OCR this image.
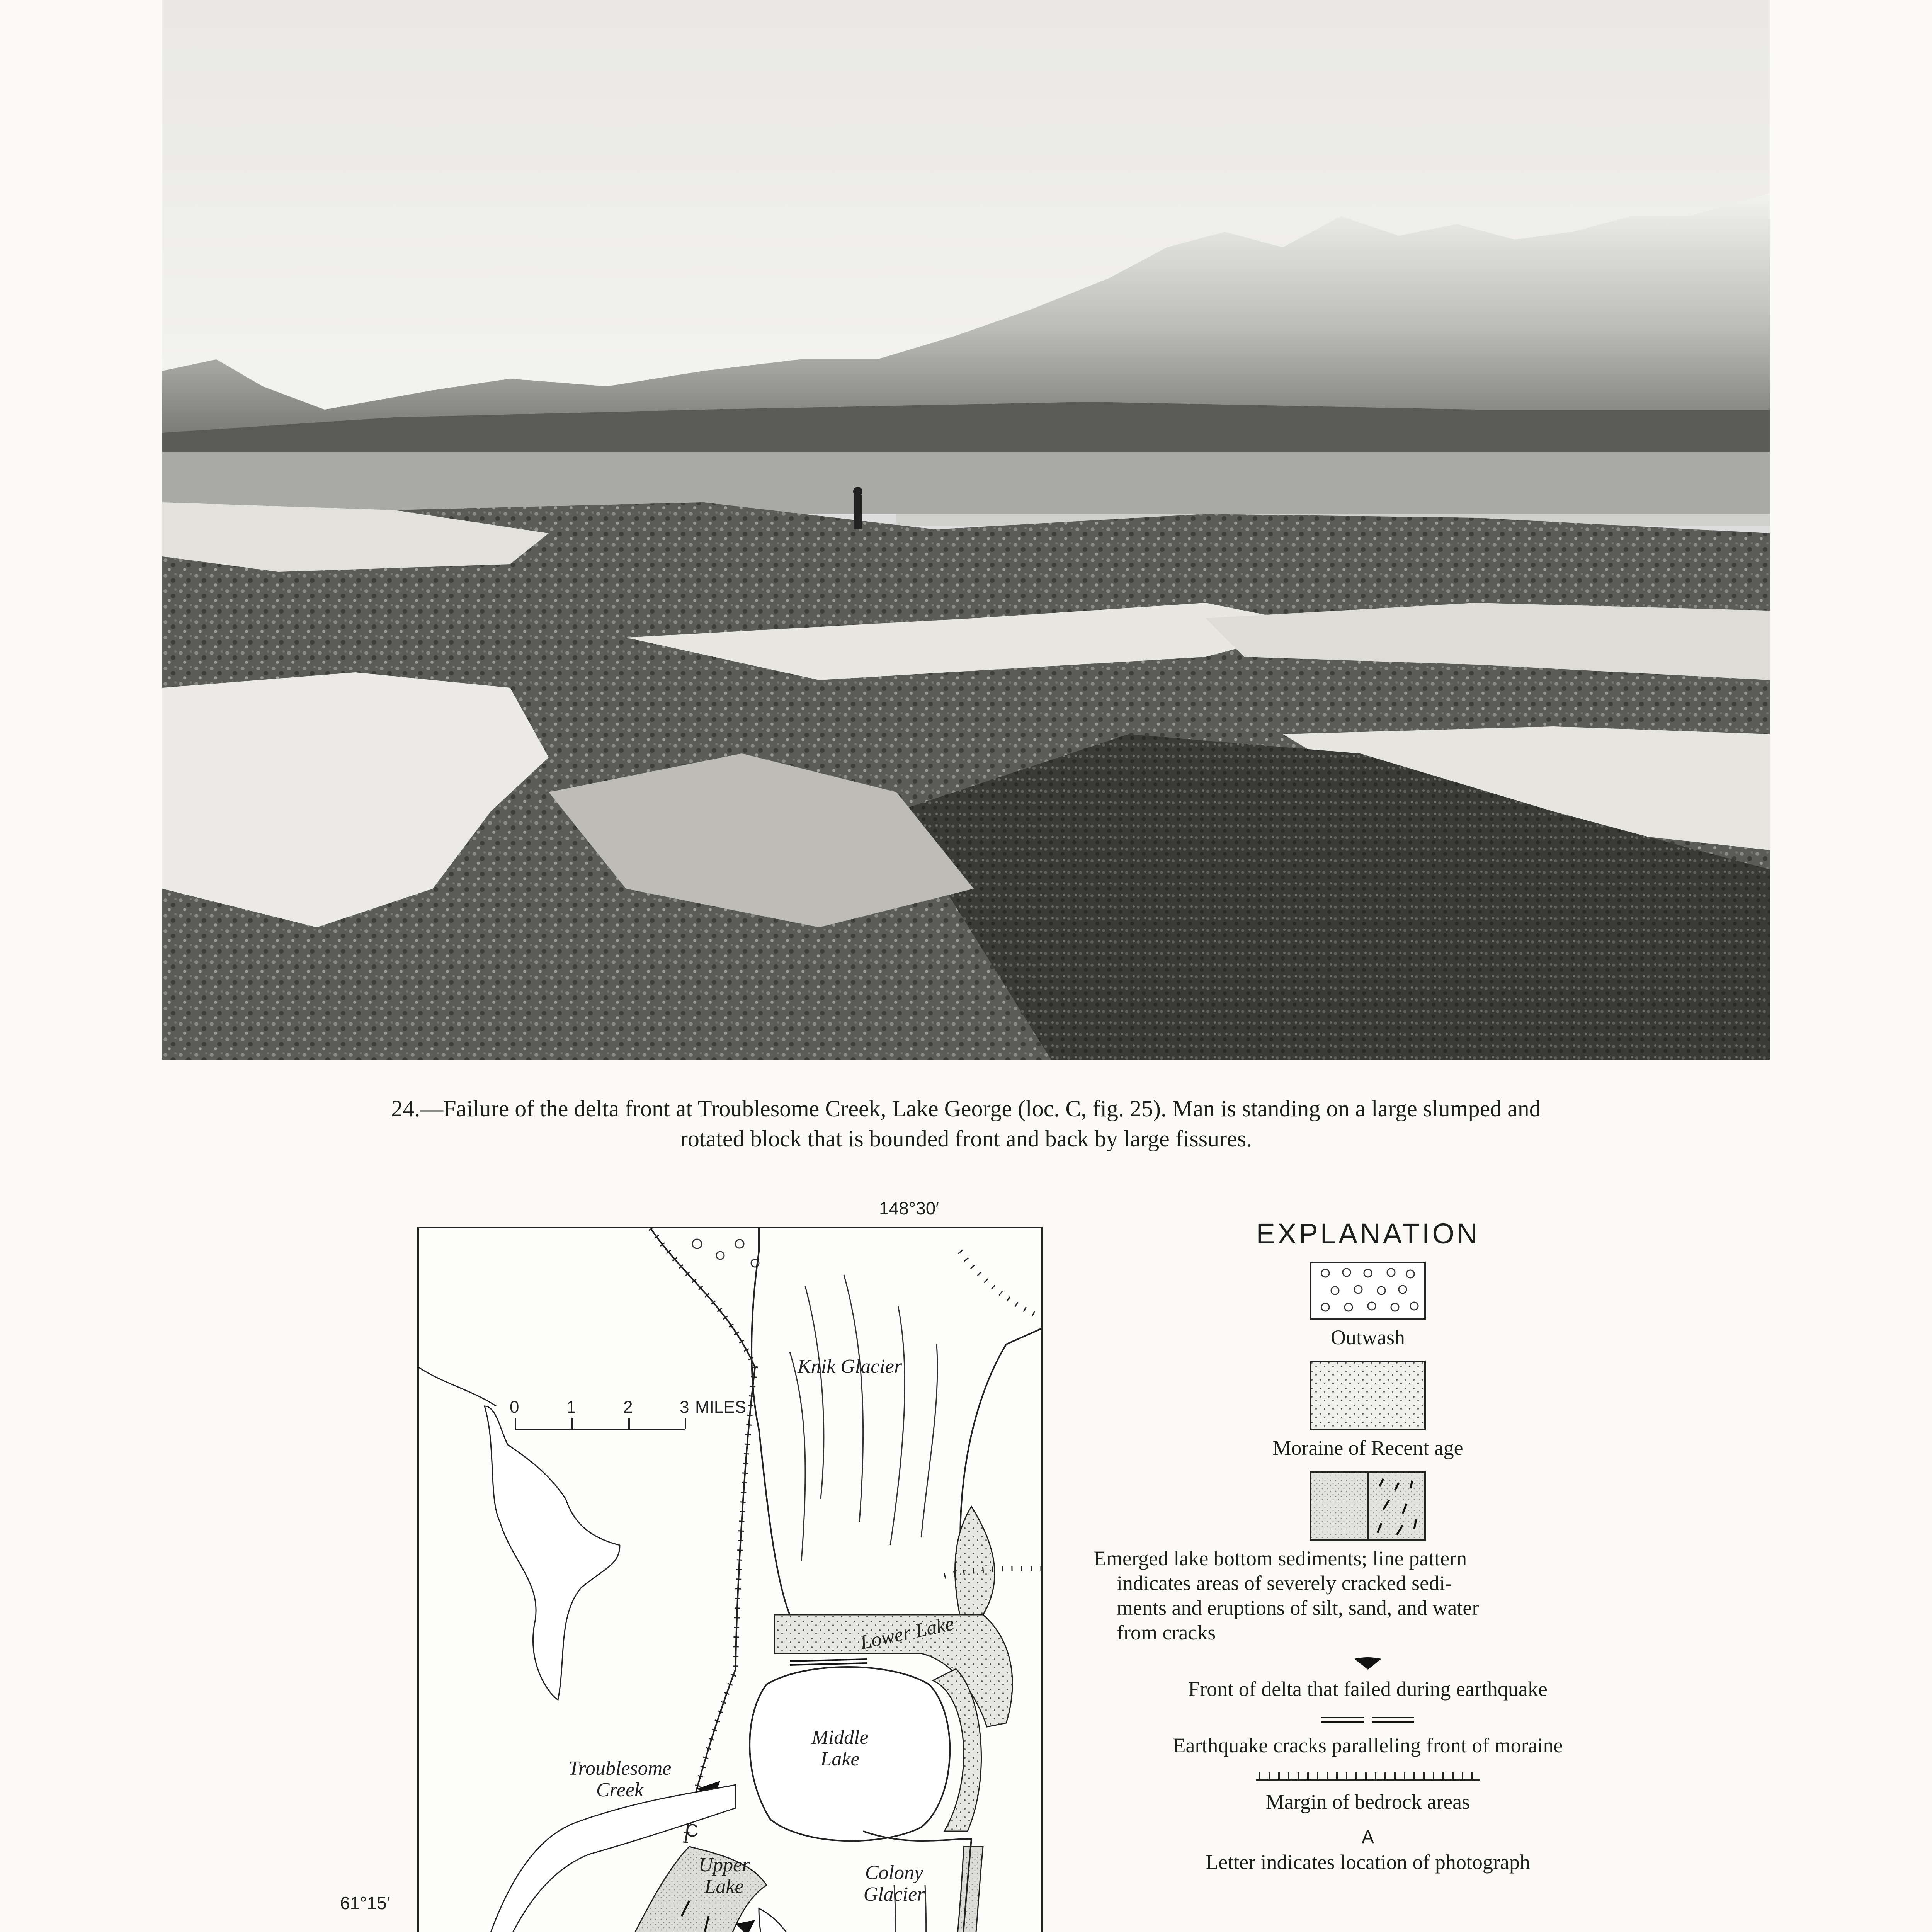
24.—Failure of the delta front at Troublesome Creek, Lake George (loc. C, fig. 25). Man is standing on a large slumped and
rotated block that is bounded front and back by large fissures.
148°30′
61°15′
0	1	2	3 MILES
Knik Glacier
Lower Lake
Middle
Lake
Troublesome
Creek
Upper
Lake
Colony
Glacier
C
EXPLANATION
Outwash
Moraine of Recent age
Emerged lake bottom sediments; line pattern
indicates areas of severely cracked sedi-
ments and eruptions of silt, sand, and water
from cracks
Front of delta that failed during earthquake
Earthquake cracks paralleling front of moraine
Margin of bedrock areas
A
Letter indicates location of photograph
